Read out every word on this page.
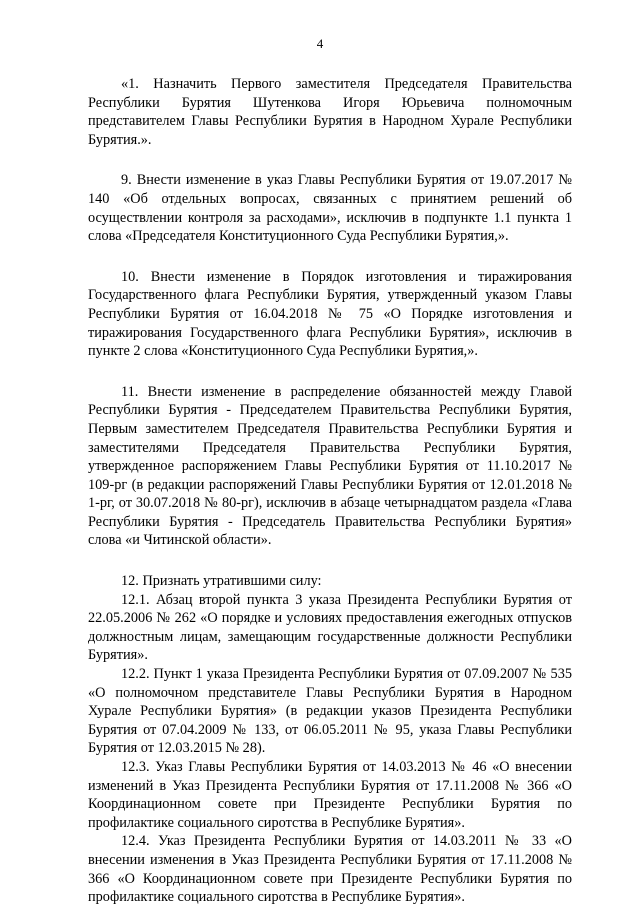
4

«1. Назначить Первого заместителя Председателя Правительства Республики Бурятия Шутенкова Игоря Юрьевича полномочным представителем Главы Республики Бурятия в Народном Хурале Республики Бурятия.».

9. Внести изменение в указ Главы Республики Бурятия от 19.07.2017 № 140 «Об отдельных вопросах, связанных с принятием решений об осуществлении контроля за расходами», исключив в подпункте 1.1 пункта 1 слова «Председателя Конституционного Суда Республики Бурятия,».

10. Внести изменение в Порядок изготовления и тиражирования Государственного флага Республики Бурятия, утвержденный указом Главы Республики Бурятия от 16.04.2018 № 75 «О Порядке изготовления и тиражирования Государственного флага Республики Бурятия», исключив в пункте 2 слова «Конституционного Суда Республики Бурятия,».

11. Внести изменение в распределение обязанностей между Главой Республики Бурятия - Председателем Правительства Республики Бурятия, Первым заместителем Председателя Правительства Республики Бурятия и заместителями Председателя Правительства Республики Бурятия, утвержденное распоряжением Главы Республики Бурятия от 11.10.2017 № 109-рг (в редакции распоряжений Главы Республики Бурятия от 12.01.2018 № 1-рг, от 30.07.2018 № 80-рг), исключив в абзаце четырнадцатом раздела «Глава Республики Бурятия - Председатель Правительства Республики Бурятия» слова «и Читинской области».

12. Признать утратившими силу:

12.1. Абзац второй пункта 3 указа Президента Республики Бурятия от 22.05.2006 № 262 «О порядке и условиях предоставления ежегодных отпусков должностным лицам, замещающим государственные должности Республики Бурятия».

12.2. Пункт 1 указа Президента Республики Бурятия от 07.09.2007 № 535 «О полномочном представителе Главы Республики Бурятия в Народном Хурале Республики Бурятия» (в редакции указов Президента Республики Бурятия от 07.04.2009 № 133, от 06.05.2011 № 95, указа Главы Республики Бурятия от 12.03.2015 № 28).

12.3. Указ Главы Республики Бурятия от 14.03.2013 № 46 «О внесении изменений в Указ Президента Республики Бурятия от 17.11.2008 № 366 «О Координационном совете при Президенте Республики Бурятия по профилактике социального сиротства в Республике Бурятия».

12.4. Указ Президента Республики Бурятия от 14.03.2011 № 33 «О внесении изменения в Указ Президента Республики Бурятия от 17.11.2008 № 366 «О Координационном совете при Президенте Республики Бурятия по профилактике социального сиротства в Республике Бурятия».
